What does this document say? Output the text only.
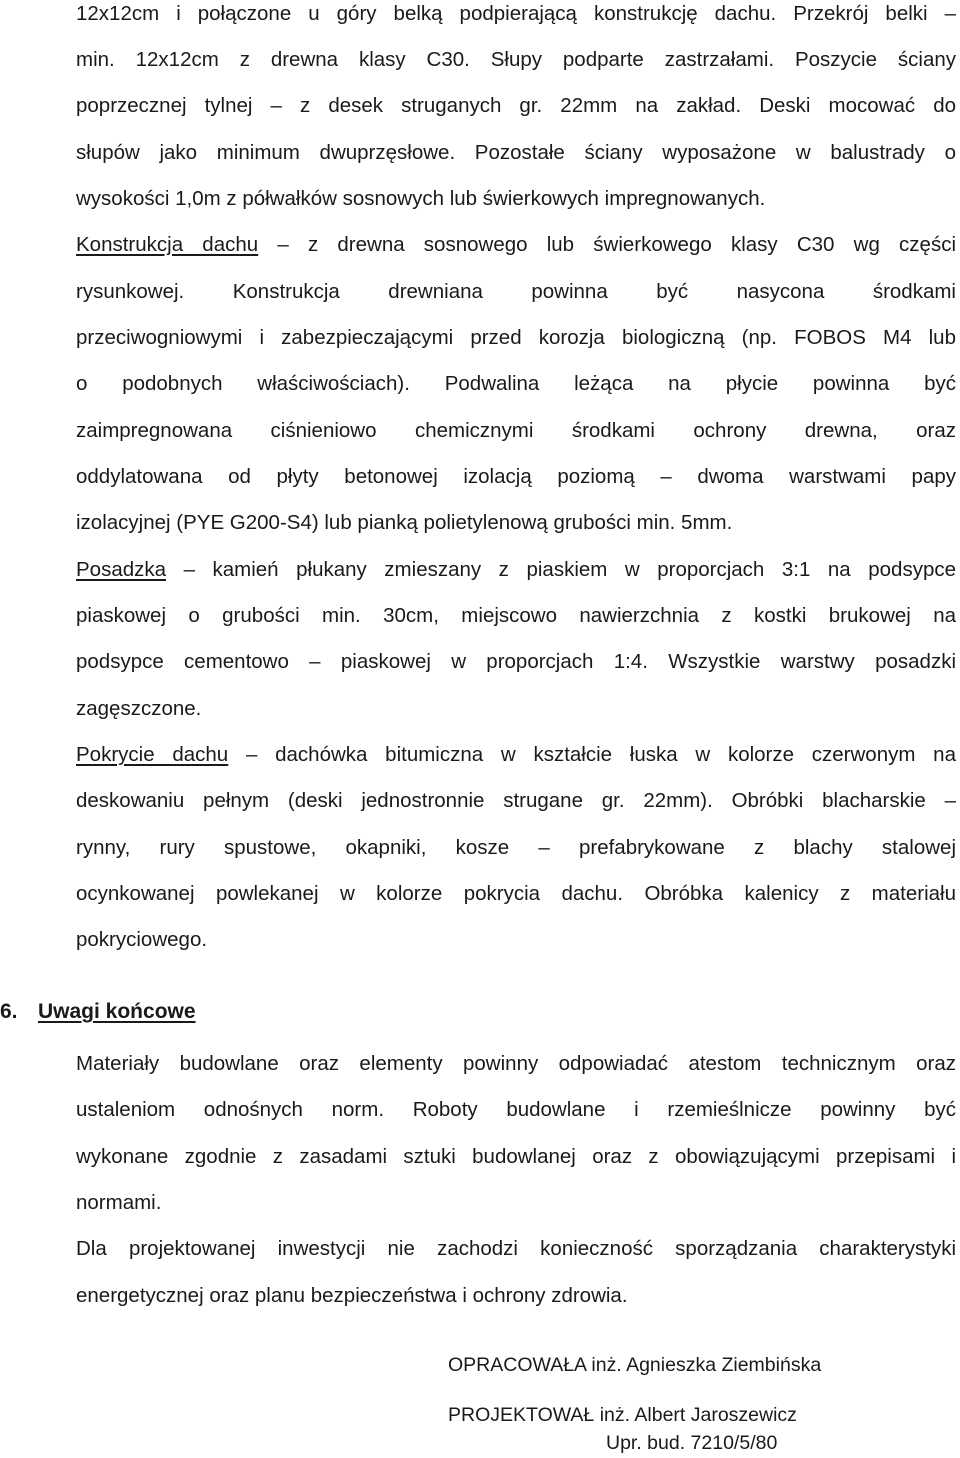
12x12cm i połączone u góry belką podpierającą konstrukcję dachu. Przekrój belki –
min. 12x12cm z drewna klasy C30. Słupy podparte zastrzałami. Poszycie ściany
poprzecznej tylnej – z desek struganych gr. 22mm na zakład. Deski mocować do
słupów jako minimum dwuprzęsłowe. Pozostałe ściany wyposażone w balustrady o
wysokości 1,0m z półwałków sosnowych lub świerkowych impregnowanych.
Konstrukcja dachu – z drewna sosnowego lub świerkowego klasy C30 wg części
rysunkowej. Konstrukcja drewniana powinna być nasycona środkami
przeciwogniowymi i zabezpieczającymi przed korozja biologiczną (np. FOBOS M4 lub
o podobnych właściwościach). Podwalina leżąca na płycie powinna być
zaimpregnowana ciśnieniowo chemicznymi środkami ochrony drewna, oraz
oddylatowana od płyty betonowej izolacją poziomą – dwoma warstwami papy
izolacyjnej (PYE G200-S4) lub pianką polietylenową grubości min. 5mm.
Posadzka – kamień płukany zmieszany z piaskiem w proporcjach 3:1 na podsypce
piaskowej o grubości min. 30cm, miejscowo nawierzchnia z kostki brukowej na
podsypce cementowo – piaskowej w proporcjach 1:4. Wszystkie warstwy posadzki
zagęszczone.
Pokrycie dachu – dachówka bitumiczna w kształcie łuska w kolorze czerwonym na
deskowaniu pełnym (deski jednostronnie strugane gr. 22mm). Obróbki blacharskie –
rynny, rury spustowe, okapniki, kosze – prefabrykowane z blachy stalowej
ocynkowanej powlekanej w kolorze pokrycia dachu. Obróbka kalenicy z materiału
pokryciowego.
6. Uwagi końcowe
Materiały budowlane oraz elementy powinny odpowiadać atestom technicznym oraz
ustaleniom odnośnych norm. Roboty budowlane i rzemieślnicze powinny być
wykonane zgodnie z zasadami sztuki budowlanej oraz z obowiązującymi przepisami i
normami.
Dla projektowanej inwestycji nie zachodzi konieczność sporządzania charakterystyki
energetycznej oraz planu bezpieczeństwa i ochrony zdrowia.
OPRACOWAŁA inż. Agnieszka Ziembińska
PROJEKTOWAŁ inż. Albert Jaroszewicz
Upr. bud. 7210/5/80
